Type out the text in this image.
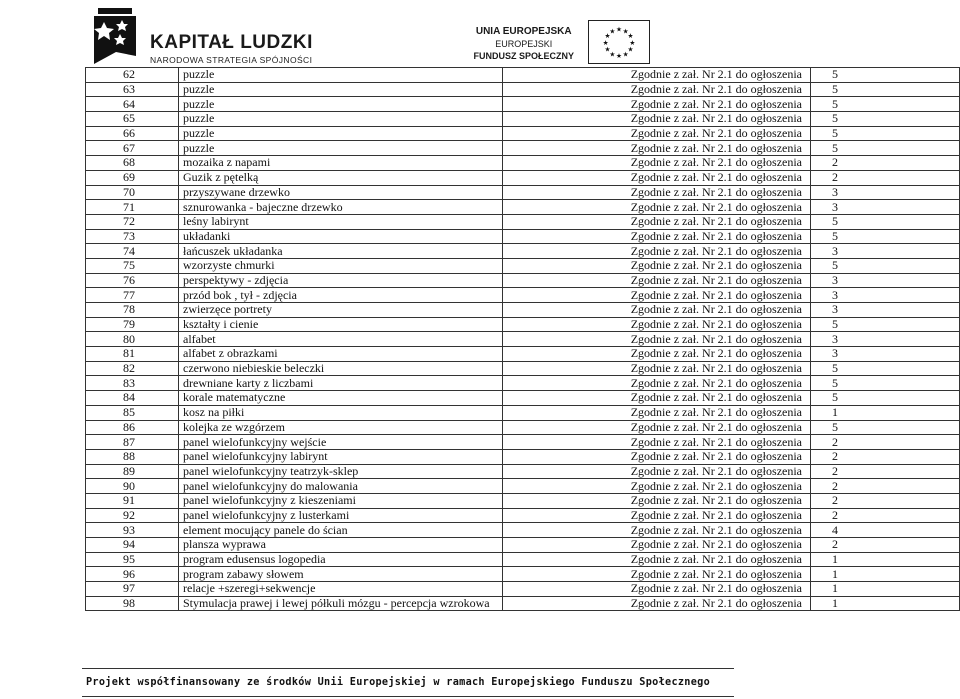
KAPITAŁ LUDZKI
NARODOWA STRATEGIA SPÓJNOŚCI
UNIA EUROPEJSKA
EUROPEJSKI
FUNDUSZ SPOŁECZNY
★ ★
★
★
★
★
★
★
★
★
★
★
62	puzzle	Zgodnie z zał. Nr 2.1 do ogłoszenia	5
63	puzzle	Zgodnie z zał. Nr 2.1 do ogłoszenia	5
64	puzzle	Zgodnie z zał. Nr 2.1 do ogłoszenia	5
65	puzzle	Zgodnie z zał. Nr 2.1 do ogłoszenia	5
66	puzzle	Zgodnie z zał. Nr 2.1 do ogłoszenia	5
67	puzzle	Zgodnie z zał. Nr 2.1 do ogłoszenia	5
68	mozaika z napami	Zgodnie z zał. Nr 2.1 do ogłoszenia	2
69	Guzik z pętelką	Zgodnie z zał. Nr 2.1 do ogłoszenia	2
70	przyszywane drzewko	Zgodnie z zał. Nr 2.1 do ogłoszenia	3
71	sznurowanka - bajeczne drzewko	Zgodnie z zał. Nr 2.1 do ogłoszenia	3
72	leśny labirynt	Zgodnie z zał. Nr 2.1 do ogłoszenia	5
73	układanki	Zgodnie z zał. Nr 2.1 do ogłoszenia	5
74	łańcuszek układanka	Zgodnie z zał. Nr 2.1 do ogłoszenia	3
75	wzorzyste chmurki	Zgodnie z zał. Nr 2.1 do ogłoszenia	5
76	perspektywy - zdjęcia	Zgodnie z zał. Nr 2.1 do ogłoszenia	3
77	przód bok , tył - zdjęcia	Zgodnie z zał. Nr 2.1 do ogłoszenia	3
78	zwierzęce portrety	Zgodnie z zał. Nr 2.1 do ogłoszenia	3
79	kształty i cienie	Zgodnie z zał. Nr 2.1 do ogłoszenia	5
80	alfabet	Zgodnie z zał. Nr 2.1 do ogłoszenia	3
81	alfabet z obrazkami	Zgodnie z zał. Nr 2.1 do ogłoszenia	3
82	czerwono niebieskie beleczki	Zgodnie z zał. Nr 2.1 do ogłoszenia	5
83	drewniane karty z liczbami	Zgodnie z zał. Nr 2.1 do ogłoszenia	5
84	korale matematyczne	Zgodnie z zał. Nr 2.1 do ogłoszenia	5
85	kosz na piłki	Zgodnie z zał. Nr 2.1 do ogłoszenia	1
86	kolejka ze wzgórzem	Zgodnie z zał. Nr 2.1 do ogłoszenia	5
87	panel wielofunkcyjny wejście	Zgodnie z zał. Nr 2.1 do ogłoszenia	2
88	panel wielofunkcyjny labirynt	Zgodnie z zał. Nr 2.1 do ogłoszenia	2
89	panel wielofunkcyjny teatrzyk-sklep	Zgodnie z zał. Nr 2.1 do ogłoszenia	2
90	panel wielofunkcyjny do malowania	Zgodnie z zał. Nr 2.1 do ogłoszenia	2
91	panel wielofunkcyjny z kieszeniami	Zgodnie z zał. Nr 2.1 do ogłoszenia	2
92	panel wielofunkcyjny z lusterkami	Zgodnie z zał. Nr 2.1 do ogłoszenia	2
93	element mocujący panele do ścian	Zgodnie z zał. Nr 2.1 do ogłoszenia	4
94	plansza wyprawa	Zgodnie z zał. Nr 2.1 do ogłoszenia	2
95	program edusensus logopedia	Zgodnie z zał. Nr 2.1 do ogłoszenia	1
96	program zabawy słowem	Zgodnie z zał. Nr 2.1 do ogłoszenia	1
97	relacje +szeregi+sekwencje	Zgodnie z zał. Nr 2.1 do ogłoszenia	1
98	Stymulacja prawej i lewej półkuli mózgu - percepcja wzrokowa	Zgodnie z zał. Nr 2.1 do ogłoszenia	1
Projekt współfinansowany ze środków Unii Europejskiej w ramach Europejskiego Funduszu Społecznego
